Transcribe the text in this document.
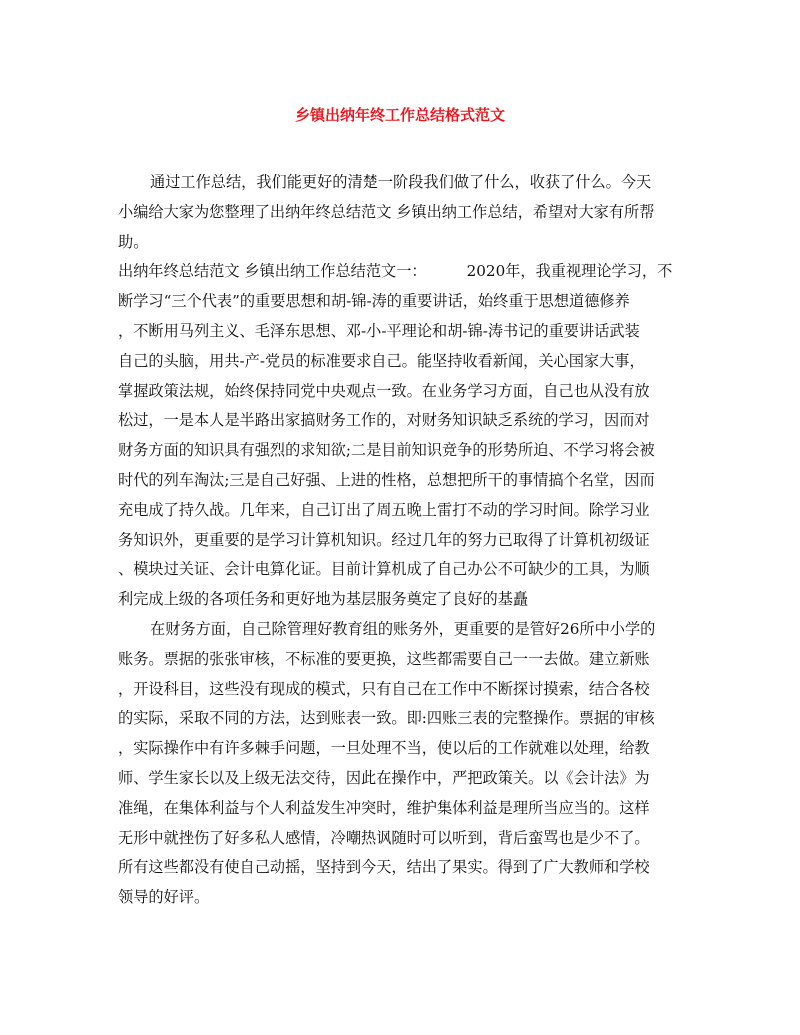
乡镇出纳年终工作总结格式范文
通过工作总结，我们能更好的清楚一阶段我们做了什么，收获了什么。今天
小编给大家为您整理了出纳年终总结范文 乡镇出纳工作总结，希望对大家有所帮
助。
出纳年终总结范文 乡镇出纳工作总结范文一：	2020年，我重视理论学习，不
断学习“三个代表”的重要思想和胡-锦-涛的重要讲话，始终重于思想道德修养
，不断用马列主义、毛泽东思想、邓-小-平理论和胡-锦-涛书记的重要讲话武装
自己的头脑，用共-产-党员的标准要求自己。能坚持收看新闻，关心国家大事，
掌握政策法规，始终保持同党中央观点一致。在业务学习方面，自己也从没有放
松过，一是本人是半路出家搞财务工作的，对财务知识缺乏系统的学习，因而对
财务方面的知识具有强烈的求知欲;二是目前知识竞争的形势所迫、不学习将会被
时代的列车淘汰;三是自己好强、上进的性格，总想把所干的事情搞个名堂，因而
充电成了持久战。几年来，自己订出了周五晚上雷打不动的学习时间。除学习业
务知识外，更重要的是学习计算机知识。经过几年的努力已取得了计算机初级证
、模块过关证、会计电算化证。目前计算机成了自己办公不可缺少的工具，为顺
利完成上级的各项任务和更好地为基层服务奠定了良好的基矗
在财务方面，自己除管理好教育组的账务外，更重要的是管好26所中小学的
账务。票据的张张审核，不标准的要更换，这些都需要自己一一去做。建立新账
，开设科目，这些没有现成的模式，只有自己在工作中不断探讨摸索，结合各校
的实际，采取不同的方法，达到账表一致。即:四账三表的完整操作。票据的审核
，实际操作中有许多棘手问题，一旦处理不当，使以后的工作就难以处理，给教
师、学生家长以及上级无法交待，因此在操作中，严把政策关。以《会计法》为
准绳，在集体利益与个人利益发生冲突时，维护集体利益是理所当应当的。这样
无形中就挫伤了好多私人感情，冷嘲热讽随时可以听到，背后蛮骂也是少不了。
所有这些都没有使自己动摇，坚持到今天，结出了果实。得到了广大教师和学校
领导的好评。
